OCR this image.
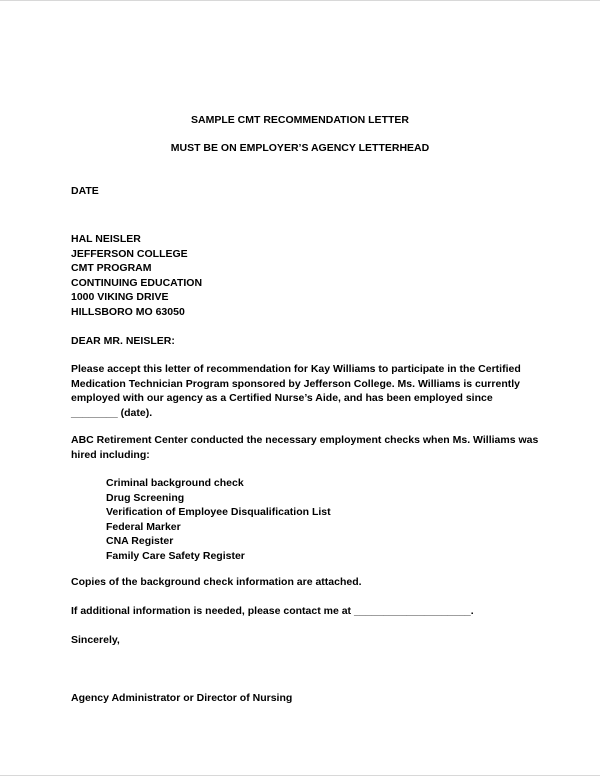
SAMPLE CMT RECOMMENDATION LETTER
MUST BE ON EMPLOYER’S AGENCY LETTERHEAD
DATE
HAL NEISLER
JEFFERSON COLLEGE
CMT PROGRAM
CONTINUING EDUCATION
1000 VIKING DRIVE
HILLSBORO MO 63050
DEAR MR. NEISLER:
Please accept this letter of recommendation for Kay Williams to participate in the Certified
Medication Technician Program sponsored by Jefferson College. Ms. Williams is currently
employed with our agency as a Certified Nurse’s Aide, and has been employed since
________ (date).
ABC Retirement Center conducted the necessary employment checks when Ms. Williams was
hired including:
Criminal background check
Drug Screening
Verification of Employee Disqualification List
Federal Marker
CNA Register
Family Care Safety Register
Copies of the background check information are attached.
If additional information is needed, please contact me at ____________________.
Sincerely,
Agency Administrator or Director of Nursing
